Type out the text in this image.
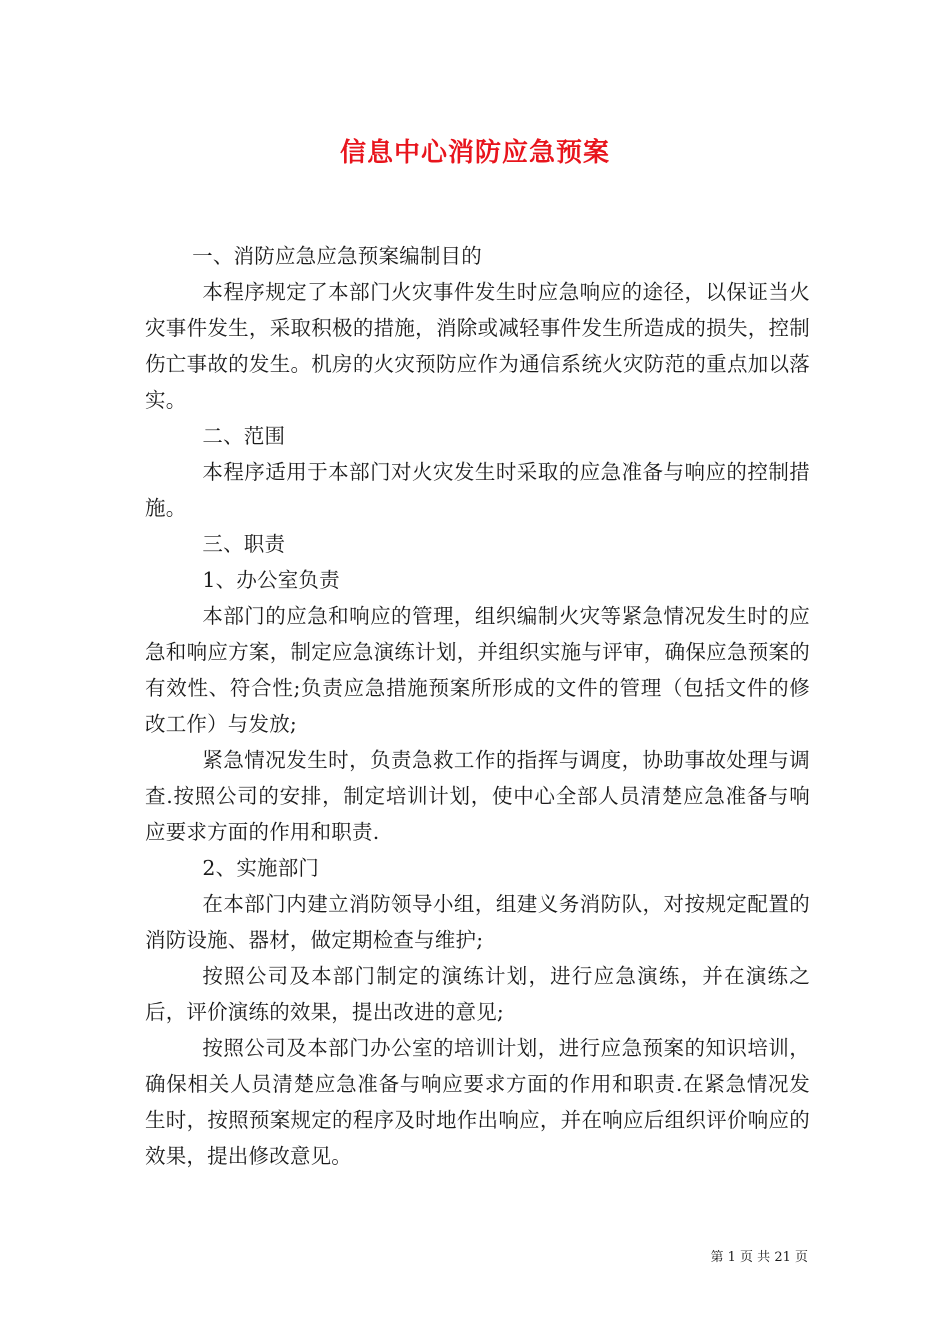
信息中心消防应急预案

一、消防应急应急预案编制目的

本程序规定了本部门火灾事件发生时应急响应的途径，以保证当火灾事件发生，采取积极的措施，消除或减轻事件发生所造成的损失，控制伤亡事故的发生。机房的火灾预防应作为通信系统火灾防范的重点加以落实。

二、范围

本程序适用于本部门对火灾发生时采取的应急准备与响应的控制措施。

三、职责

1、办公室负责

本部门的应急和响应的管理，组织编制火灾等紧急情况发生时的应急和响应方案，制定应急演练计划，并组织实施与评审，确保应急预案的有效性、符合性;负责应急措施预案所形成的文件的管理（包括文件的修改工作）与发放;

紧急情况发生时，负责急救工作的指挥与调度，协助事故处理与调查.按照公司的安排，制定培训计划，使中心全部人员清楚应急准备与响应要求方面的作用和职责.

2、实施部门

在本部门内建立消防领导小组，组建义务消防队，对按规定配置的消防设施、器材，做定期检查与维护;

按照公司及本部门制定的演练计划，进行应急演练，并在演练之后，评价演练的效果，提出改进的意见;

按照公司及本部门办公室的培训计划，进行应急预案的知识培训，确保相关人员清楚应急准备与响应要求方面的作用和职责.在紧急情况发生时，按照预案规定的程序及时地作出响应，并在响应后组织评价响应的效果，提出修改意见。

第 1 页 共 21 页
